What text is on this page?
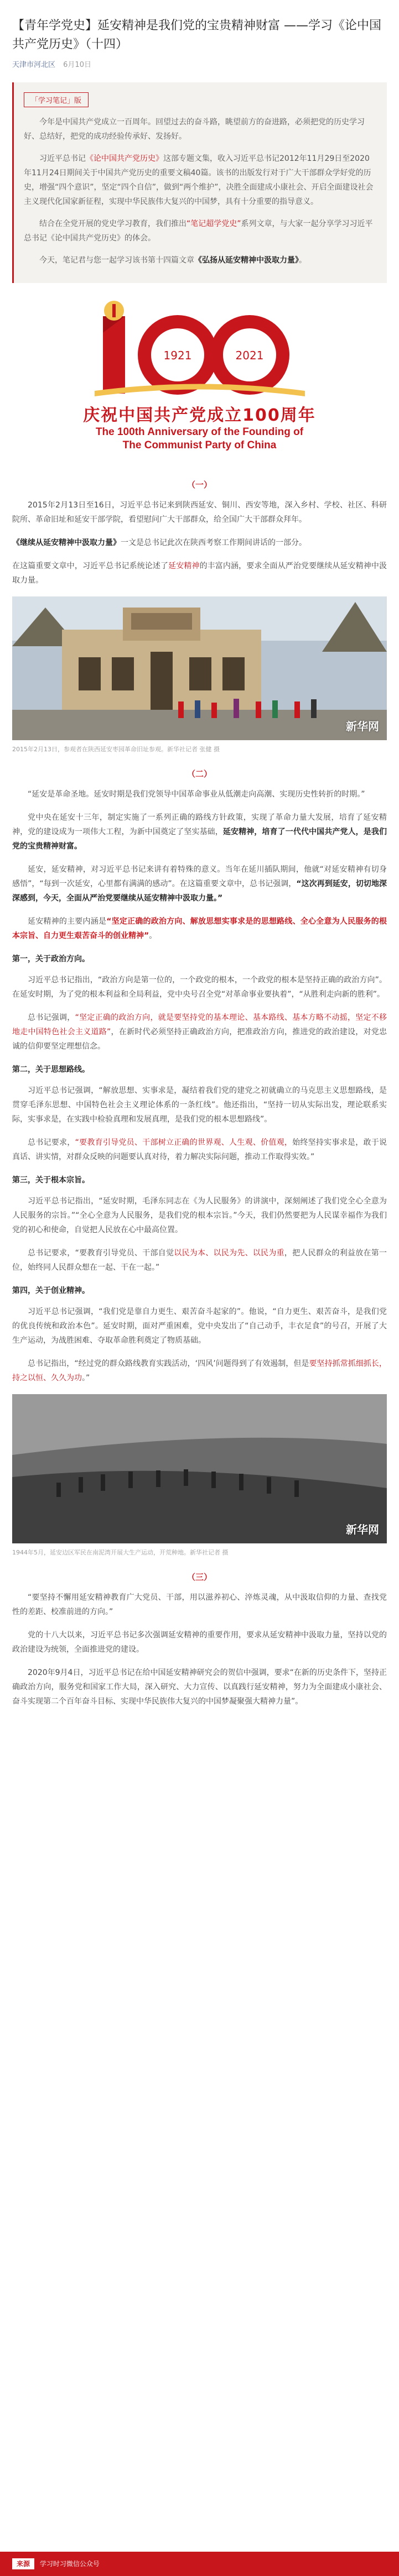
【青年学党史】延安精神是我们党的宝贵精神财富 ——学习《论中国共产党历史》（十四）
天津市河北区 6月10日
「学习笔记」版

今年是中国共产党成立一百周年。回望过去的奋斗路，眺望前方的奋进路，必须把党的历史学习好、总结好，把党的成功经验传承好、发扬好。

习近平总书记《论中国共产党历史》这部专题文集，收入习近平总书记2012年11月29日至2020年11月24日期间关于中国共产党历史的重要文稿40篇。该书的出版发行对于广大干部群众学好党的历史，增强“四个意识”，坚定“四个自信”，做到“两个维护”，决胜全面建成小康社会、开启全面建设社会主义现代化国家新征程，实现中华民族伟大复兴的中国梦，具有十分重要的指导意义。

结合在全党开展的党史学习教育，我们推出“笔记超学党史”系列文章，与大家一起分享学习习近平总书记《论中国共产党历史》的体会。

今天，笔记君与您一起学习该书第十四篇文章《弘扬从延安精神中汲取力量》。

1921	2021
庆祝中国共产党成立100周年
The 100th Anniversary of the Founding of
The Communist Party of China
（一）

2015年2月13日至16日，习近平总书记来到陕西延安、铜川、西安等地，深入乡村、学校、社区、科研院所、革命旧址和延安干部学院，看望慰问广大干部群众，给全国广大干部群众拜年。

《继续从延安精神中汲取力量》一文是总书记此次在陕西考察工作期间讲话的一部分。

在这篇重要文章中，习近平总书记系统论述了延安精神的丰富内涵，要求全面从严治党要继续从延安精神中汲取力量。

新华网
2015年2月13日，参观者在陕西延安枣园革命旧址参观。新华社记者 张健 摄
（二）

“延安是革命圣地。延安时期是我们党领导中国革命事业从低潮走向高潮、实现历史性转折的时期。”

党中央在延安十三年，制定实施了一系列正确的路线方针政策，实现了革命力量大发展，培育了延安精神，党的建设成为一项伟大工程，为新中国奠定了坚实基础，延安精神，培育了一代代中国共产党人，是我们党的宝贵精神财富。

延安，延安精神，对习近平总书记来讲有着特殊的意义。当年在延川插队期间，他就“对延安精神有切身感悟”，“每到一次延安，心里都有满满的感动”。在这篇重要文章中，总书记强调，“这次再到延安，切切地深深感到，今天，全面从严治党要继续从延安精神中汲取力量。”

延安精神的主要内涵是“坚定正确的政治方向、解放思想实事求是的思想路线、全心全意为人民服务的根本宗旨、自力更生艰苦奋斗的创业精神”。

第一，关于政治方向。

习近平总书记指出，“政治方向是第一位的，一个政党的根本，一个政党的根本是坚持正确的政治方向”。在延安时期，为了党的根本利益和全局利益，党中央号召全党“对革命事业要执着”，“从胜利走向新的胜利”。

总书记强调，“坚定正确的政治方向，就是要坚持党的基本理论、基本路线、基本方略不动摇，坚定不移地走中国特色社会主义道路”，在新时代必须坚持正确政治方向，把准政治方向，推进党的政治建设，对党忠诚的信仰要坚定理想信念。

第二，关于思想路线。

习近平总书记强调，“解放思想、实事求是，凝结着我们党的建党之初就确立的马克思主义思想路线，是贯穿毛泽东思想、中国特色社会主义理论体系的一条红线”。他还指出，“坚持一切从实际出发，理论联系实际，实事求是，在实践中检验真理和发展真理，是我们党的根本思想路线”。

总书记要求，“要教育引导党员、干部树立正确的世界观、人生观、价值观，始终坚持实事求是，敢于说真话、讲实情，对群众反映的问题要认真对待，着力解决实际问题，推动工作取得实效。”

第三，关于根本宗旨。

习近平总书记指出，“延安时期，毛泽东同志在《为人民服务》的讲演中，深刻阐述了我们党全心全意为人民服务的宗旨。”“全心全意为人民服务，是我们党的根本宗旨。”今天，我们仍然要把为人民谋幸福作为我们党的初心和使命，自觉把人民放在心中最高位置。

总书记要求，“要教育引导党员、干部自觉以民为本、以民为先、以民为重，把人民群众的利益放在第一位，始终同人民群众想在一起、干在一起。”

第四，关于创业精神。

习近平总书记强调，“我们党是靠自力更生、艰苦奋斗起家的”。他说，“自力更生、艰苦奋斗，是我们党的优良传统和政治本色”。延安时期，面对严重困难，党中央发出了“自己动手，丰衣足食”的号召，开展了大生产运动，为战胜困难、夺取革命胜利奠定了物质基础。

总书记指出，“经过党的群众路线教育实践活动，‘四风’问题得到了有效遏制，但是要坚持抓常抓细抓长，持之以恒、久久为功。”

新华网
1944年5月，延安边区军民在南泥湾开展大生产运动，开荒种地。新华社记者 摄
（三）

“要坚持不懈用延安精神教育广大党员、干部，用以滋养初心、淬炼灵魂，从中汲取信仰的力量、查找党性的差距、校准前进的方向。”

党的十八大以来，习近平总书记多次强调延安精神的重要作用，要求从延安精神中汲取力量，坚持以党的政治建设为统领，全面推进党的建设。

2020年9月4日，习近平总书记在给中国延安精神研究会的贺信中强调，要求“在新的历史条件下，坚持正确政治方向，服务党和国家工作大局，深入研究、大力宣传、以真践行延安精神，努力为全面建成小康社会、奋斗实现第二个百年奋斗目标、实现中华民族伟大复兴的中国梦凝聚强大精神力量”。

来源 学习时习微信公众号
